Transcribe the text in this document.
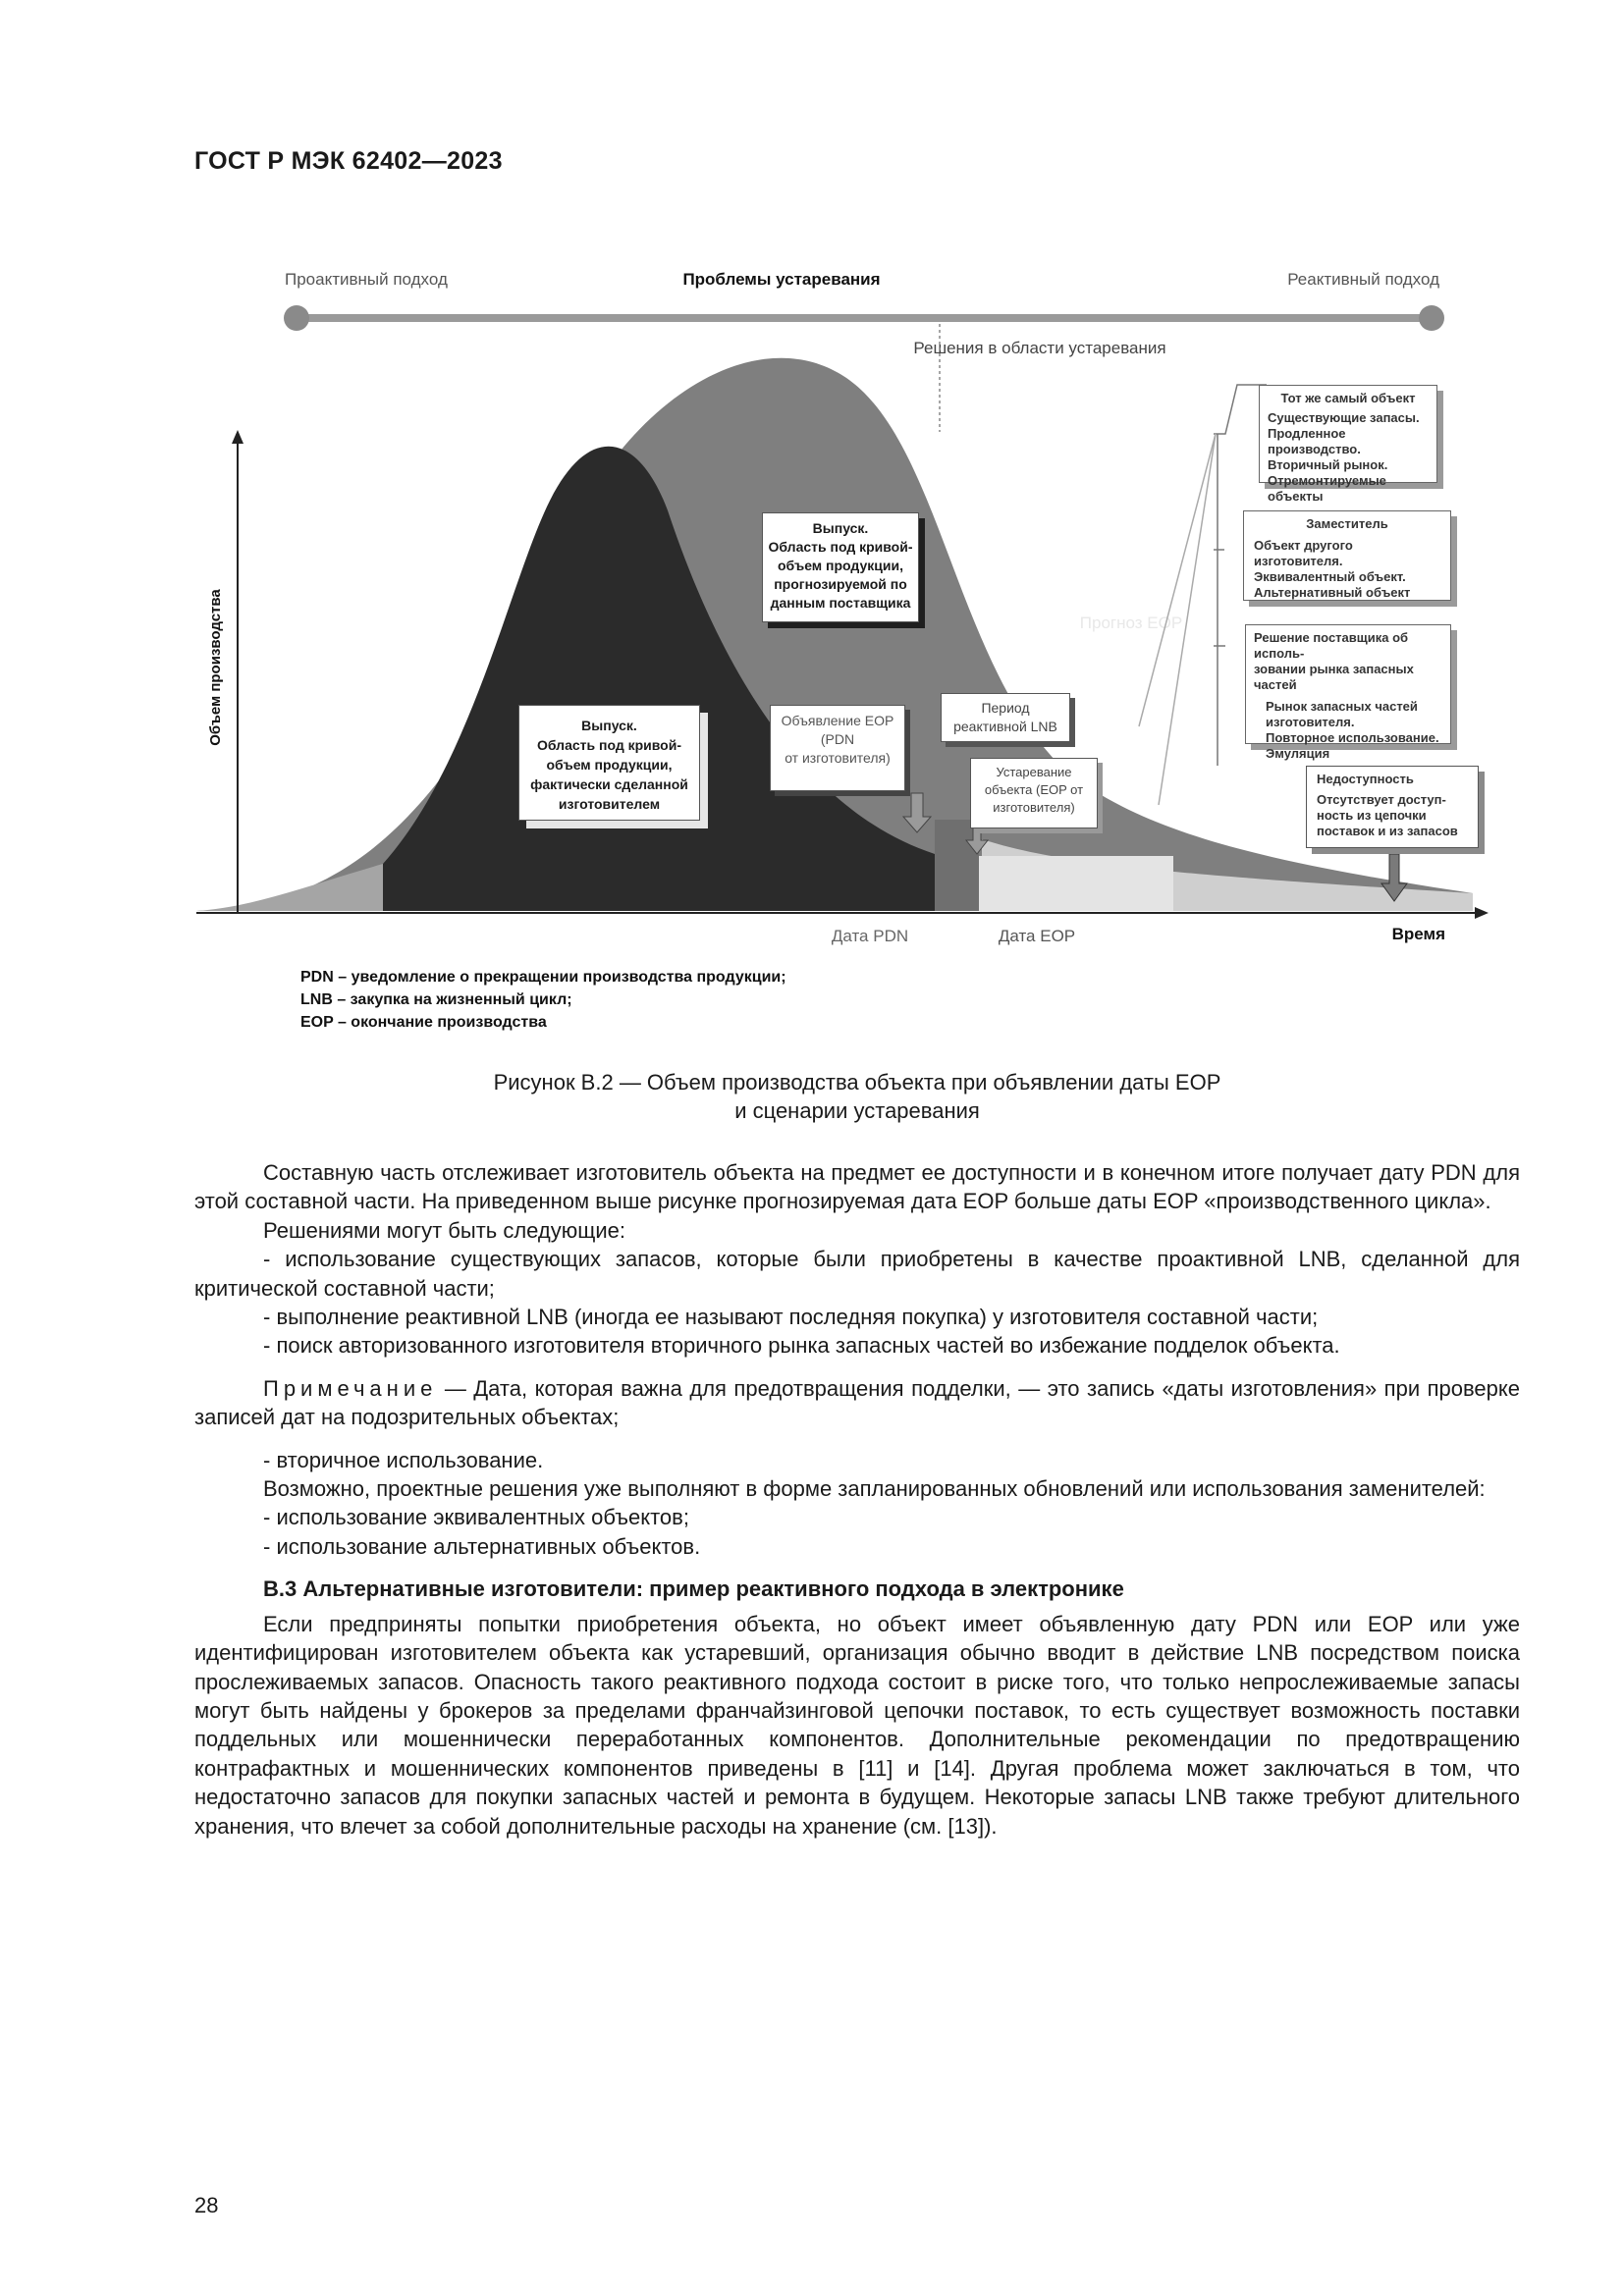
ГОСТ Р МЭК 62402—2023
Проактивный подход	Проблемы устаревания	Реактивный подход
Решения в области устаревания
Объем производства
Время
Дата PDN	Дата EOP
Прогноз EOP
Выпуск.
Область под кривой-
объем продукции,
прогнозируемой по
данным поставщика
Выпуск.
Область под кривой-
объем продукции,
фактически сделанной
изготовителем
Объявление EOP
(PDN
от изготовителя)
Период
реактивной LNB
Устаревание
объекта (EOP от
изготовителя)
Тот же самый объект
Существующие запасы.
Продленное производство.
Вторичный рынок.
Отремонтируемые объекты
Заместитель
Объект другого изготовителя.
Эквивалентный объект.
Альтернативный объект
Решение поставщика об исполь-
зовании рынка запасных частей
Рынок запасных частей
изготовителя.
Повторное использование.
Эмуляция
Недоступность
Отсутствует доступ-
ность из цепочки
поставок и из запасов
PDN – уведомление о прекращении производства продукции;
LNB – закупка на жизненный цикл;
EOP – окончание производства
Рисунок В.2 — Объем производства объекта при объявлении даты EOP
и сценарии устаревания

Составную часть отслеживает изготовитель объекта на предмет ее доступности и в конечном итоге получает дату PDN для этой составной части. На приведенном выше рисунке прогнозируемая дата EOP больше даты EOP «производственного цикла».

Решениями могут быть следующие:

- использование существующих запасов, которые были приобретены в качестве проактивной LNB, сделанной для критической составной части;

- выполнение реактивной LNB (иногда ее называют последняя покупка) у изготовителя составной части;

- поиск авторизованного изготовителя вторичного рынка запасных частей во избежание подделок объекта.

Примечание — Дата, которая важна для предотвращения подделки, — это запись «даты изготовления» при проверке записей дат на подозрительных объектах;

- вторичное использование.

Возможно, проектные решения уже выполняют в форме запланированных обновлений или использования заменителей:

- использование эквивалентных объектов;

- использование альтернативных объектов.

В.3 Альтернативные изготовители: пример реактивного подхода в электронике

Если предприняты попытки приобретения объекта, но объект имеет объявленную дату PDN или EOP или уже идентифицирован изготовителем объекта как устаревший, организация обычно вводит в действие LNB посредством поиска прослеживаемых запасов. Опасность такого реактивного подхода состоит в риске того, что только непрослеживаемые запасы могут быть найдены у брокеров за пределами франчайзинговой цепочки поставок, то есть существует возможность поставки поддельных или мошеннически переработанных компонентов. Дополнительные рекомендации по предотвращению контрафактных и мошеннических компонентов приведены в [11] и [14]. Другая проблема может заключаться в том, что недостаточно запасов для покупки запасных частей и ремонта в будущем. Некоторые запасы LNB также требуют длительного хранения, что влечет за собой дополнительные расходы на хранение (см. [13]).

28
